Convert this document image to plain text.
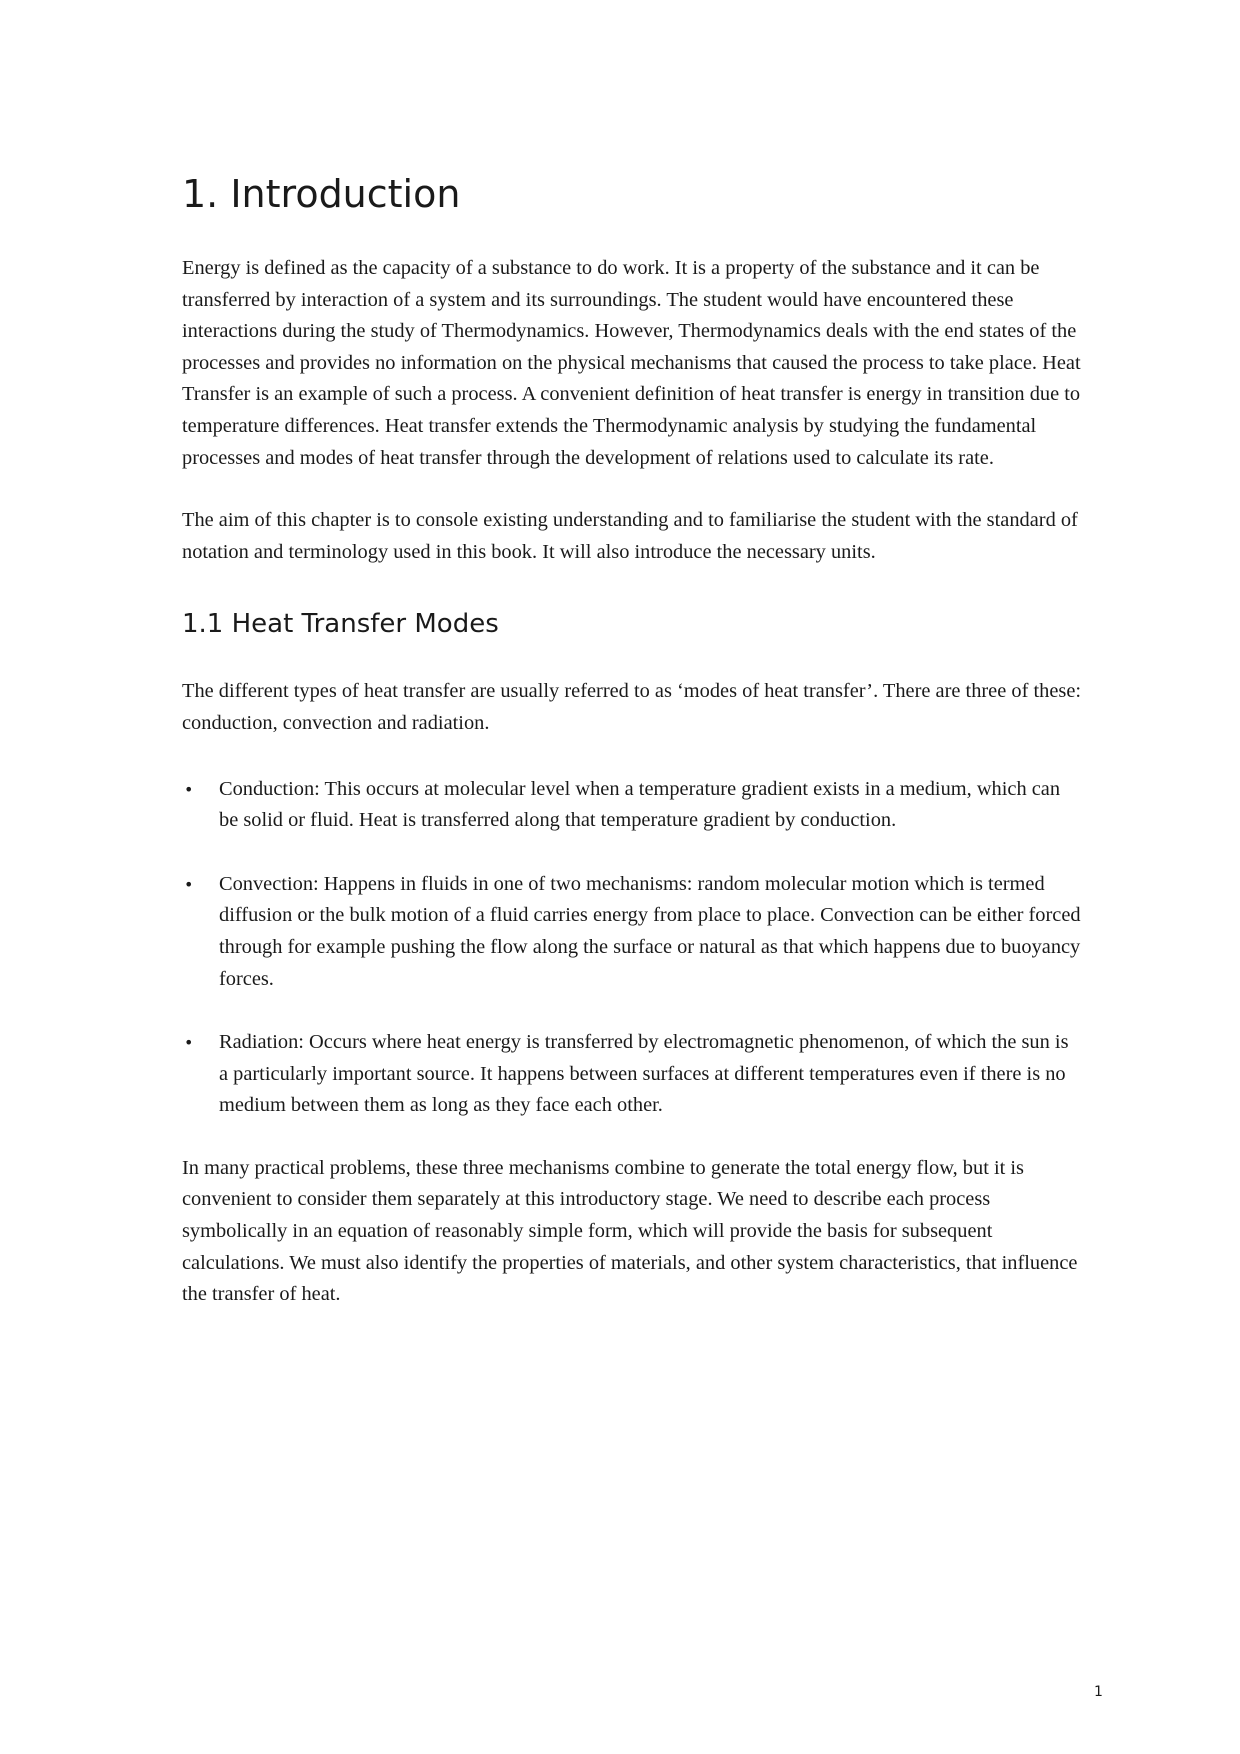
1. Introduction

Energy is defined as the capacity of a substance to do work. It is a property of the substance and it can be transferred by interaction of a system and its surroundings. The student would have encountered these interactions during the study of Thermodynamics. However, Thermodynamics deals with the end states of the processes and provides no information on the physical mechanisms that caused the process to take place. Heat Transfer is an example of such a process. A convenient definition of heat transfer is energy in transition due to temperature differences. Heat transfer extends the Thermodynamic analysis by studying the fundamental processes and modes of heat transfer through the development of relations used to calculate its rate.

The aim of this chapter is to console existing understanding and to familiarise the student with the standard of notation and terminology used in this book. It will also introduce the necessary units.

1.1 Heat Transfer Modes

The different types of heat transfer are usually referred to as ‘modes of heat transfer’. There are three of these: conduction, convection and radiation.

• Conduction: This occurs at molecular level when a temperature gradient exists in a medium, which can be solid or fluid. Heat is transferred along that temperature gradient by conduction.
• Convection: Happens in fluids in one of two mechanisms: random molecular motion which is termed diffusion or the bulk motion of a fluid carries energy from place to place. Convection can be either forced through for example pushing the flow along the surface or natural as that which happens due to buoyancy forces.
• Radiation: Occurs where heat energy is transferred by electromagnetic phenomenon, of which the sun is a particularly important source. It happens between surfaces at different temperatures even if there is no medium between them as long as they face each other.

In many practical problems, these three mechanisms combine to generate the total energy flow, but it is convenient to consider them separately at this introductory stage. We need to describe each process symbolically in an equation of reasonably simple form, which will provide the basis for subsequent calculations. We must also identify the properties of materials, and other system characteristics, that influence the transfer of heat.

1
